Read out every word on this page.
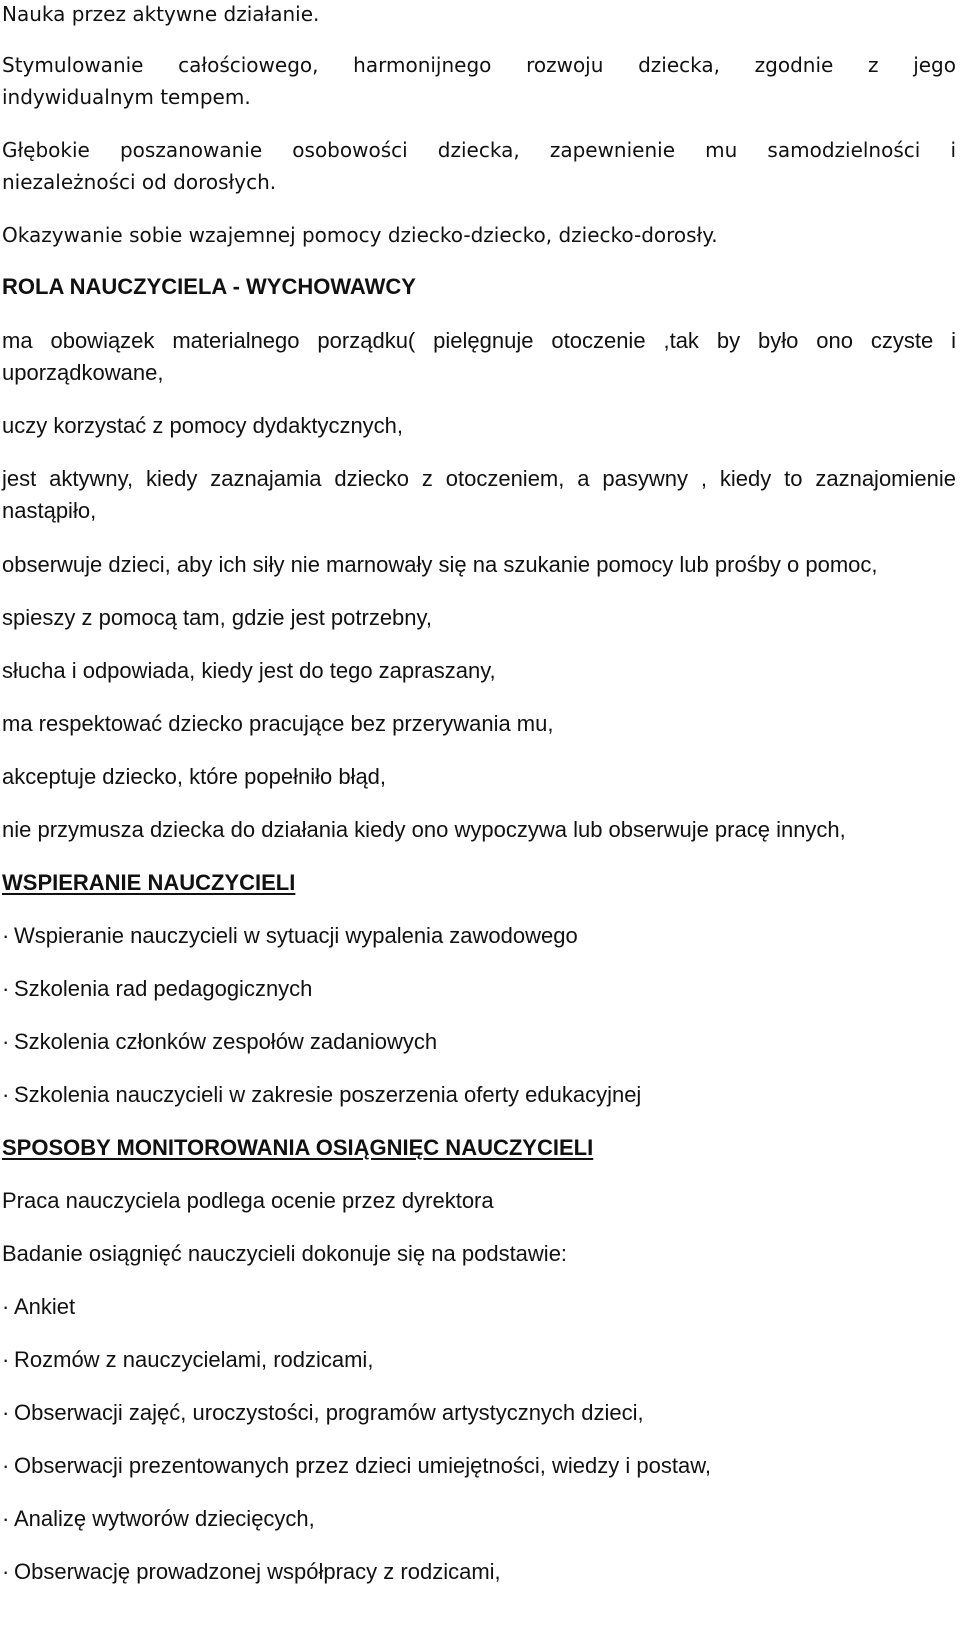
Nauka przez aktywne działanie.
Stymulowanie całościowego, harmonijnego rozwoju dziecka, zgodnie z jego
indywidualnym tempem.
Głębokie poszanowanie osobowości dziecka, zapewnienie mu samodzielności i
niezależności od dorosłych.
Okazywanie sobie wzajemnej pomocy dziecko-dziecko, dziecko-dorosły.
ROLA NAUCZYCIELA - WYCHOWAWCY
ma obowiązek materialnego porządku( pielęgnuje otoczenie ,tak by było ono czyste i
uporządkowane,
uczy korzystać z pomocy dydaktycznych,
jest aktywny, kiedy zaznajamia dziecko z otoczeniem, a pasywny , kiedy to zaznajomienie
nastąpiło,
obserwuje dzieci, aby ich siły nie marnowały się na szukanie pomocy lub prośby o pomoc,
spieszy z pomocą tam, gdzie jest potrzebny,
słucha i odpowiada, kiedy jest do tego zapraszany,
ma respektować dziecko pracujące bez przerywania mu,
akceptuje dziecko, które popełniło błąd,
nie przymusza dziecka do działania kiedy ono wypoczywa lub obserwuje pracę innych,
WSPIERANIE NAUCZYCIELI
· Wspieranie nauczycieli w sytuacji wypalenia zawodowego
· Szkolenia rad pedagogicznych
· Szkolenia członków zespołów zadaniowych
· Szkolenia nauczycieli w zakresie poszerzenia oferty edukacyjnej
SPOSOBY MONITOROWANIA OSIĄGNIĘC NAUCZYCIELI
Praca nauczyciela podlega ocenie przez dyrektora
Badanie osiągnięć nauczycieli dokonuje się na podstawie:
· Ankiet
· Rozmów z nauczycielami, rodzicami,
· Obserwacji zajęć, uroczystości, programów artystycznych dzieci,
· Obserwacji prezentowanych przez dzieci umiejętności, wiedzy i postaw,
· Analizę wytworów dziecięcych,
· Obserwację prowadzonej współpracy z rodzicami,
